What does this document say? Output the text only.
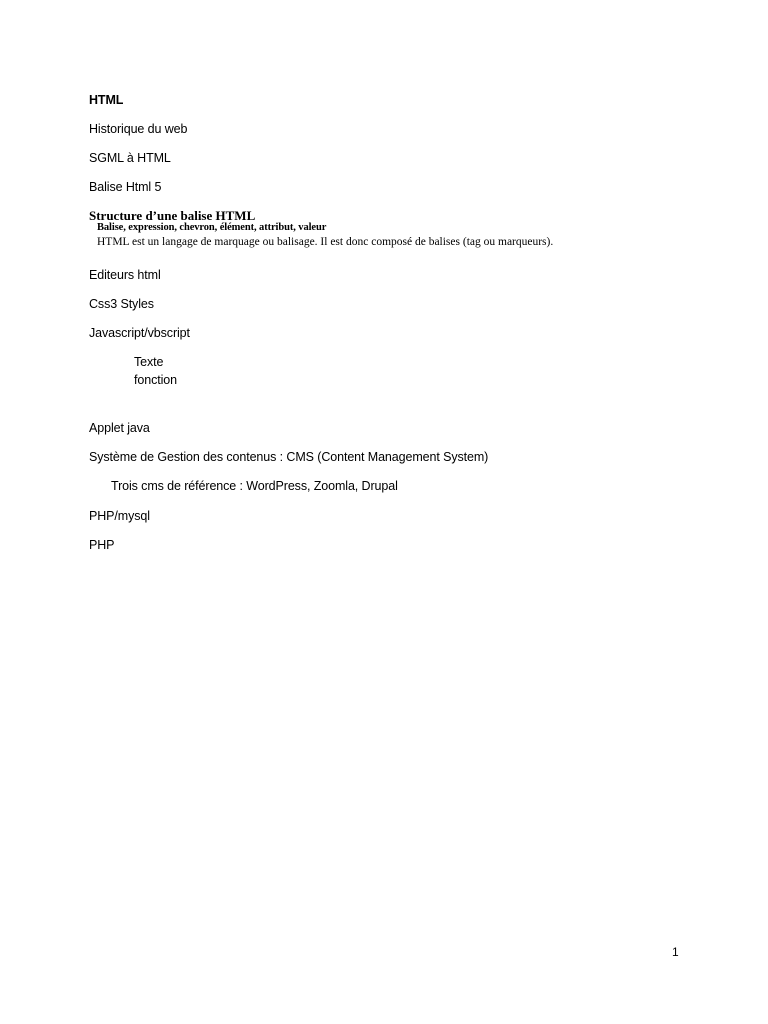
HTML
Historique du web
SGML à HTML
Balise Html 5
Structure d’une balise HTML
Balise, expression, chevron, élément, attribut, valeur
HTML est un langage de marquage ou balisage. Il est donc composé de balises (tag ou marqueurs).
Editeurs html
Css3 Styles
Javascript/vbscript
Texte
fonction
Applet java
Système de Gestion des contenus : CMS (Content Management System)
Trois cms de référence : WordPress, Zoomla, Drupal
PHP/mysql
PHP
1
